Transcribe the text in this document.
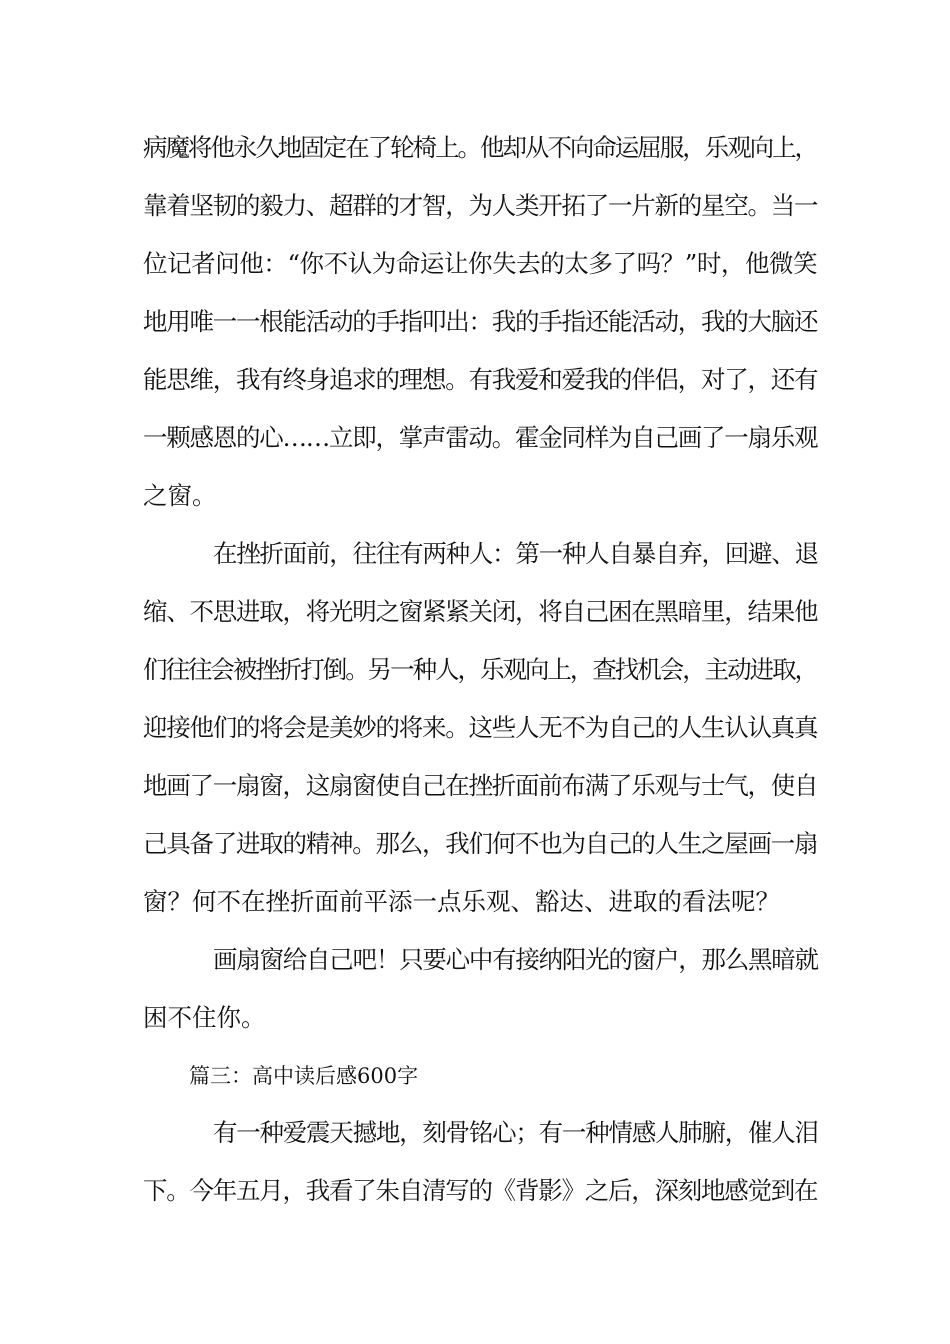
病魔将他永久地固定在了轮椅上。他却从不向命运屈服，乐观向上，
靠着坚韧的毅力、超群的才智，为人类开拓了一片新的星空。当一
位记者问他：“你不认为命运让你失去的太多了吗？”时，他微笑
地用唯一一根能活动的手指叩出：我的手指还能活动，我的大脑还
能思维，我有终身追求的理想。有我爱和爱我的伴侣，对了，还有
一颗感恩的心……立即，掌声雷动。霍金同样为自己画了一扇乐观
之窗。
在挫折面前，往往有两种人：第一种人自暴自弃，回避、退
缩、不思进取，将光明之窗紧紧关闭，将自己困在黑暗里，结果他
们往往会被挫折打倒。另一种人，乐观向上，查找机会，主动进取，
迎接他们的将会是美妙的将来。这些人无不为自己的人生认认真真
地画了一扇窗，这扇窗使自己在挫折面前布满了乐观与士气，使自
己具备了进取的精神。那么，我们何不也为自己的人生之屋画一扇
窗？何不在挫折面前平添一点乐观、豁达、进取的看法呢？
画扇窗给自己吧！只要心中有接纳阳光的窗户，那么黑暗就
困不住你。
篇三：高中读后感600字
有一种爱震天撼地，刻骨铭心；有一种情感人肺腑，催人泪
下。今年五月，我看了朱自清写的《背影》之后，深刻地感觉到在
